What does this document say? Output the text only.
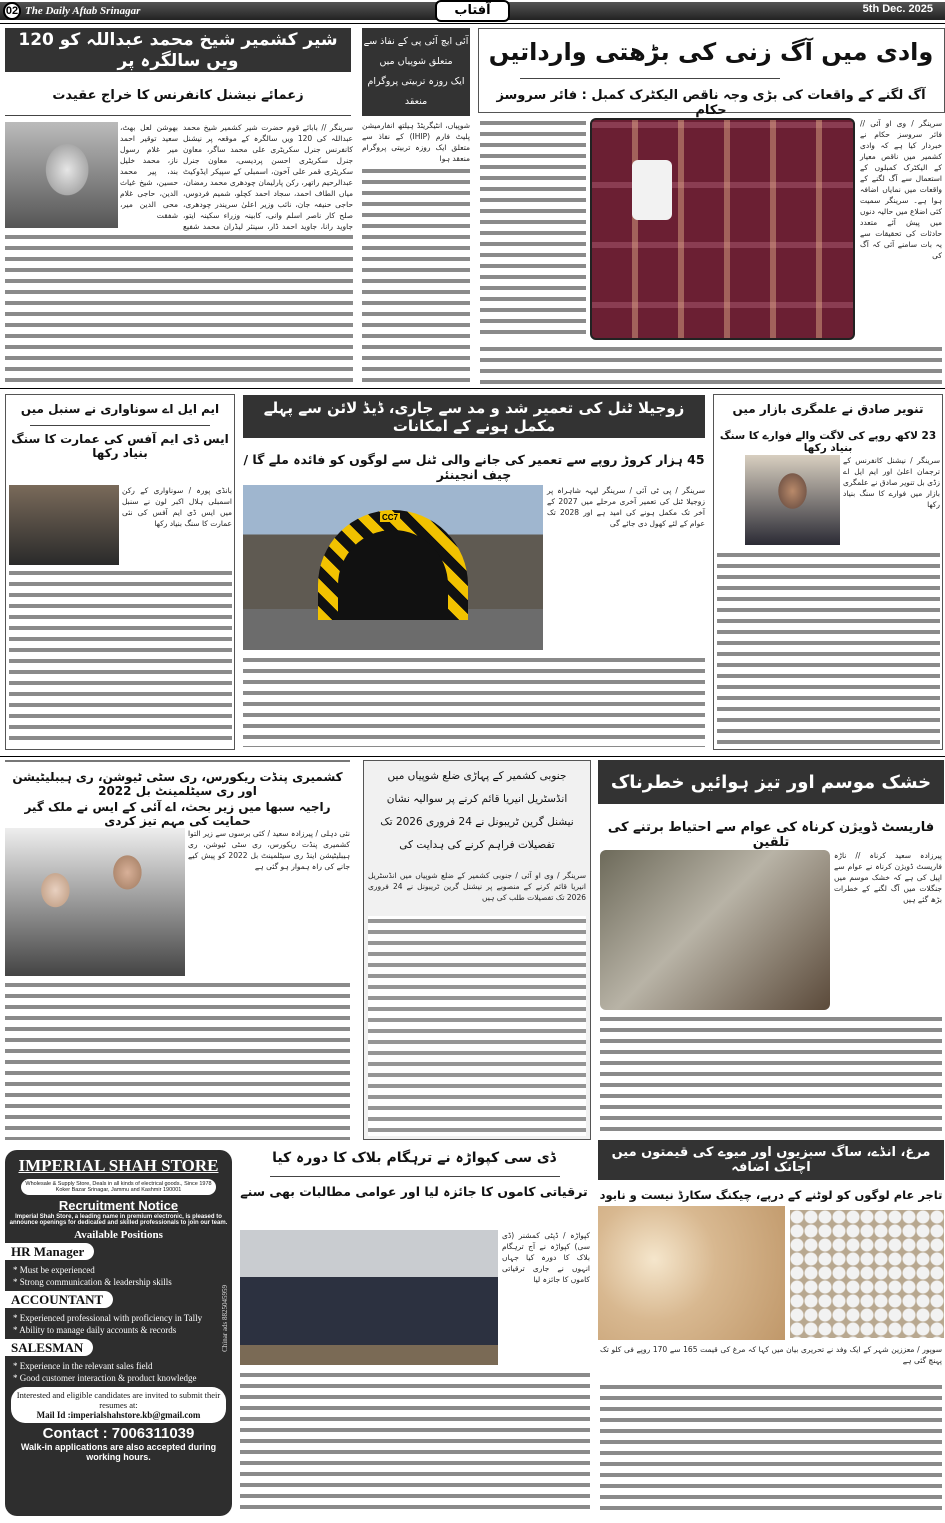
02 The Daily Aftab Srinagar	آفتاب	5th Dec. 2025
شیر کشمیر شیخ محمد عبداللہ کو 120 ویں سالگرہ پر
زعمائے نیشنل کانفرنس کا خراج عقیدت
بھوشن لعل بھٹ، سعید توقیر احمد میر غلام رسول ناز، محمد خلیل بند، پیر محمد حسین، شیخ غیاث الدین، حاجی غلام محی الدین میر، شفقت
سرینگر // بابائے قوم حضرت شیر کشمیر شیخ محمد عبداللہ کی 120 ویں سالگرہ کے موقعہ پر نیشنل کانفرنس جنرل سکریٹری علی محمد ساگر، معاون جنرل سکریٹری احسن پردیسی، معاون جنرل سکریٹری قمر علی آخون، اسمبلی کے سپیکر ایڈوکیٹ عبدالرحیم راتھر، رکن پارلیمان چودھری محمد رمضان، میاں الطاف احمد، سجاد احمد کچلو، شمیم فردوس، حاجی حنیفہ جان، نائب وزیر اعلیٰ سریندر چودھری، صلح کار ناصر اسلم وانی، کابینہ وزراء سکینہ ایتو، جاوید رانا، جاوید احمد ڈار، سینئر لیڈران محمد شفیع
آئی ایچ آئی پی کے نفاذ سے
متعلق شوپیاں میں
ایک روزہ تربیتی پروگرام منعقد
شوپیاں، انٹیگریٹڈ ہیلتھ انفارمیشن پلیٹ فارم (IHIP) کے نفاذ سے متعلق ایک روزہ تربیتی پروگرام منعقد ہوا
وادی میں آگ زنی کی بڑھتی وارداتیں
آگ لگنے کے واقعات کی بڑی وجہ ناقص الیکٹرک کمبل : فائر سروسز حکام
سرینگر / وی او آئی // فائر سروسز حکام نے خبردار کیا ہے کہ وادی کشمیر میں ناقص معیار کے الیکٹرک کمبلوں کے استعمال سے آگ لگنے کے واقعات میں نمایاں اضافہ ہوا ہے۔ سرینگر سمیت کئی اضلاع میں حالیہ دنوں میں پیش آئے متعدد حادثات کی تحقیقات سے یہ بات سامنے آئی کہ آگ کی
ایم ایل اے سوناواری نے سنبل میں
ایس ڈی ایم آفس کی عمارت کا سنگ بنیاد رکھا
بانڈی پورہ / سوناواری کے رکن اسمبلی ہلال اکبر لون نے سنبل میں ایس ڈی ایم آفس کی نئی عمارت کا سنگ بنیاد رکھا
زوجیلا ٹنل کی تعمیر شد و مد سے جاری، ڈیڈ لائن سے پہلے مکمل ہونے کے امکانات
45 ہزار کروڑ روپے سے تعمیر کی جانے والی ٹنل سے لوگوں کو فائدہ ملے گا / چیف انجینئر
CC7
سرینگر / پی ٹی آئی / سرینگر لیہہ شاہراہ پر زوجیلا ٹنل کی تعمیر آخری مرحلے میں 2027 کے آخر تک مکمل ہونے کی امید ہے اور 2028 تک عوام کے لئے کھول دی جائے گی
تنویر صادق نے علمگری بازار میں
23 لاکھ روپے کی لاگت والے فوارے کا سنگ بنیاد رکھا
سرینگر / نیشنل کانفرنس کے ترجمان اعلیٰ اور ایم ایل اے زڈی بل تنویر صادق نے علمگری بازار میں فوارے کا سنگ بنیاد رکھا
کشمیری پنڈت ریکورس، ری سٹی ٹیوشن، ری ہیبلیٹیشن اور ری سیٹلمینٹ بل 2022
راجیہ سبھا میں زیر بحث، اے آئی کے ایس نے ملک گیر حمایت کی مہم تیز کردی
نئی دہلی / پیرزادہ سعید / کئی برسوں سے زیر التوا کشمیری پنڈت ریکورس، ری سٹی ٹیوشن، ری ہیبلیٹیشن اینڈ ری سیٹلمینٹ بل 2022 کو پیش کیے جانے کی راہ ہموار ہو گئی ہے
جنوبی کشمیر کے پہاڑی ضلع شوپیاں میں
انڈسٹریل انیریا قائم کرنے پر سوالیہ نشان
نیشنل گرین ٹریبونل نے 24 فروری 2026 تک
تفصیلات فراہم کرنے کی ہدایت کی
سرینگر / وی او آئی / جنوبی کشمیر کے ضلع شوپیاں میں انڈسٹریل انیریا قائم کرنے کے منصوبے پر نیشنل گرین ٹریبونل نے 24 فروری 2026 تک تفصیلات طلب کی ہیں
خشک موسم اور تیز ہوائیں خطرناک
فاریسٹ ڈویژن کرناہ کی عوام سے احتیاط برتنے کی تلقین
پیرزادہ سعید کرناہ // ناڑہ فاریسٹ ڈویژن کرناہ نے عوام سے اپیل کی ہے کہ خشک موسم میں جنگلات میں آگ لگنے کے خطرات بڑھ گئے ہیں
IMPERIAL SHAH STORE
Wholesale & Supply Store, Deals in all kinds of electrical goods., Since 1978
Koker Bazar Srinagar, Jammu and Kashmir 190001
Recruitment Notice
Imperial Shah Store, a leading name in premium electronic, is pleased to announce openings for dedicated and skilled professionals to join our team.
Available Positions
HR Manager
* Must be experienced
* Strong communication & leadership skills
ACCOUNTANT
* Experienced professional with proficiency in Tally
* Ability to manage daily accounts & records
SALESMAN
* Experience in the relevant sales field
* Good customer interaction & product knowledge
Interested and eligible candidates are invited to submit their resumes at:
Mail Id :imperialshahstore.kb@gmail.com
Contact : 7006311039
Walk-in applications are also accepted during working hours.
Chinar ads 8825045959
ڈی سی کپواڑہ نے ترہگام بلاک کا دورہ کیا
ترقیاتی کاموں کا جائزہ لیا اور عوامی مطالبات بھی سنے
کپواڑہ / ڈپٹی کمشنر (ڈی سی) کپواڑہ نے آج ترہگام بلاک کا دورہ کیا جہاں انہوں نے جاری ترقیاتی کاموں کا جائزہ لیا
مرغ، انڈے، ساگ سبزیوں اور میوے کی قیمتوں میں اچانک اضافہ
تاجر عام لوگوں کو لوٹنے کے درپے، چیکنگ سکارڈ نیست و نابود
سوپور / معززین شہر کے ایک وفد نے تحریری بیان میں کہا کہ مرغ کی قیمت 165 سے 170 روپے فی کلو تک پہنچ گئی ہے
